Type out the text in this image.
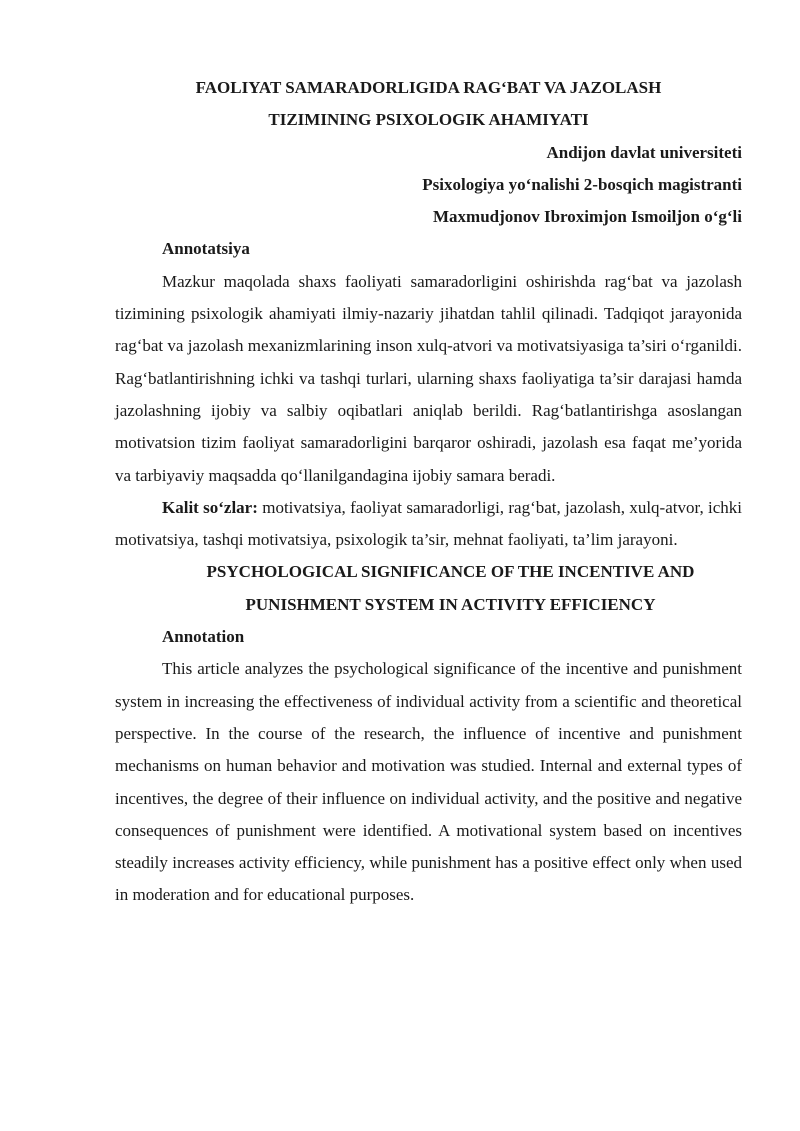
FAOLIYAT SAMARADORLIGIDA RAG‘BAT VA JAZOLASH
TIZIMINING PSIXOLOGIK AHAMIYATI

Andijon davlat universiteti

Psixologiya yo‘nalishi 2-bosqich magistranti

Maxmudjonov Ibroximjon Ismoiljon o‘g‘li

Annotatsiya

Mazkur maqolada shaxs faoliyati samaradorligini oshirishda rag‘bat va jazolash tizimining psixologik ahamiyati ilmiy-nazariy jihatdan tahlil qilinadi. Tadqiqot jarayonida rag‘bat va jazolash mexanizmlarining inson xulq-atvori va motivatsiyasiga ta’siri o‘rganildi. Rag‘batlantirishning ichki va tashqi turlari, ularning shaxs faoliyatiga ta’sir darajasi hamda jazolashning ijobiy va salbiy oqibatlari aniqlab berildi. Rag‘batlantirishga asoslangan motivatsion tizim faoliyat samaradorligini barqaror oshiradi, jazolash esa faqat me’yorida va tarbiyaviy maqsadda qo‘llanilgandagina ijobiy samara beradi.

Kalit so‘zlar: motivatsiya, faoliyat samaradorligi, rag‘bat, jazolash, xulq-atvor, ichki motivatsiya, tashqi motivatsiya, psixologik ta’sir, mehnat faoliyati, ta’lim jarayoni.

PSYCHOLOGICAL SIGNIFICANCE OF THE INCENTIVE AND
PUNISHMENT SYSTEM IN ACTIVITY EFFICIENCY

Annotation

This article analyzes the psychological significance of the incentive and punishment system in increasing the effectiveness of individual activity from a scientific and theoretical perspective. In the course of the research, the influence of incentive and punishment mechanisms on human behavior and motivation was studied. Internal and external types of incentives, the degree of their influence on individual activity, and the positive and negative consequences of punishment were identified. A motivational system based on incentives steadily increases activity efficiency, while punishment has a positive effect only when used in moderation and for educational purposes.
